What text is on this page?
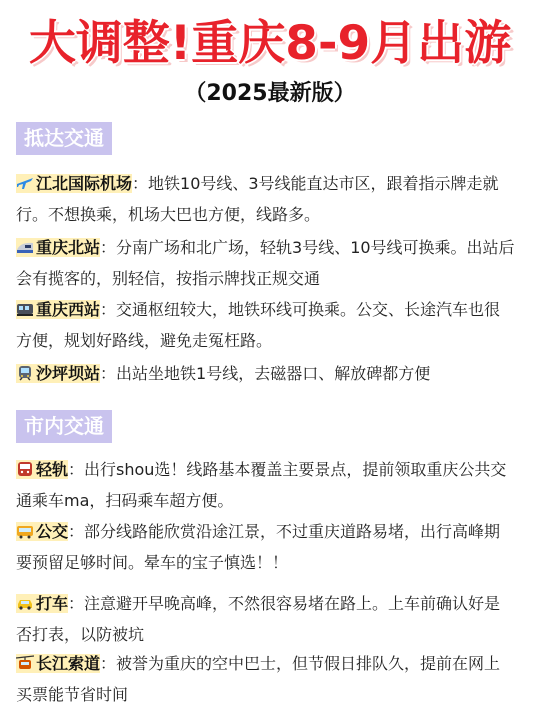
大调整!重庆8-9月出游
（2025最新版）
抵达交通
江北国际机场：地铁10号线、3号线能直达市区，跟着指示牌走就行。不想换乘，机场大巴也方便，线路多。
重庆北站：分南广场和北广场，轻轨3号线、10号线可换乘。出站后会有揽客的，别轻信，按指示牌找正规交通
重庆西站：交通枢纽较大，地铁环线可换乘。公交、长途汽车也很方便，规划好路线，避免走冤枉路。
沙坪坝站：出站坐地铁1号线，去磁器口、解放碑都方便
市内交通
轻轨：出行shou选！线路基本覆盖主要景点，提前领取重庆公共交通乘车ma，扫码乘车超方便。
公交：部分线路能欣赏沿途江景，不过重庆道路易堵，出行高峰期要预留足够时间。晕车的宝子慎选！！
打车：注意避开早晚高峰，不然很容易堵在路上。上车前确认好是否打表，以防被坑
长江索道：被誉为重庆的空中巴士，但节假日排队久，提前在网上买票能节省时间
